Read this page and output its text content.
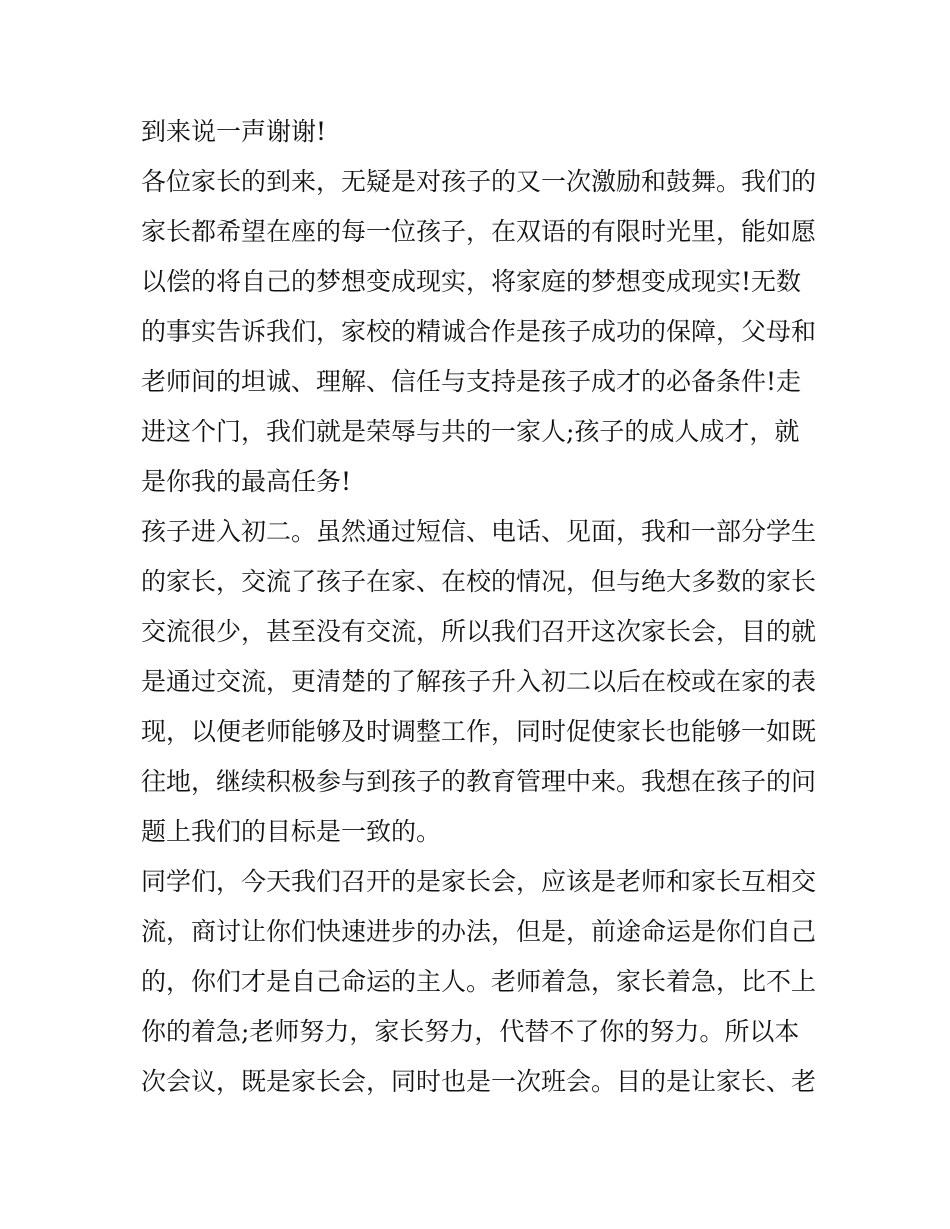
到来说一声谢谢!
各位家长的到来，无疑是对孩子的又一次激励和鼓舞。我们的
家长都希望在座的每一位孩子，在双语的有限时光里，能如愿
以偿的将自己的梦想变成现实，将家庭的梦想变成现实!无数
的事实告诉我们，家校的精诚合作是孩子成功的保障，父母和
老师间的坦诚、理解、信任与支持是孩子成才的必备条件!走
进这个门，我们就是荣辱与共的一家人;孩子的成人成才，就
是你我的最高任务!
孩子进入初二。虽然通过短信、电话、见面，我和一部分学生
的家长，交流了孩子在家、在校的情况，但与绝大多数的家长
交流很少，甚至没有交流，所以我们召开这次家长会，目的就
是通过交流，更清楚的了解孩子升入初二以后在校或在家的表
现，以便老师能够及时调整工作，同时促使家长也能够一如既
往地，继续积极参与到孩子的教育管理中来。我想在孩子的问
题上我们的目标是一致的。
同学们，今天我们召开的是家长会，应该是老师和家长互相交
流，商讨让你们快速进步的办法，但是，前途命运是你们自己
的，你们才是自己命运的主人。老师着急，家长着急，比不上
你的着急;老师努力，家长努力，代替不了你的努力。所以本
次会议，既是家长会，同时也是一次班会。目的是让家长、老
